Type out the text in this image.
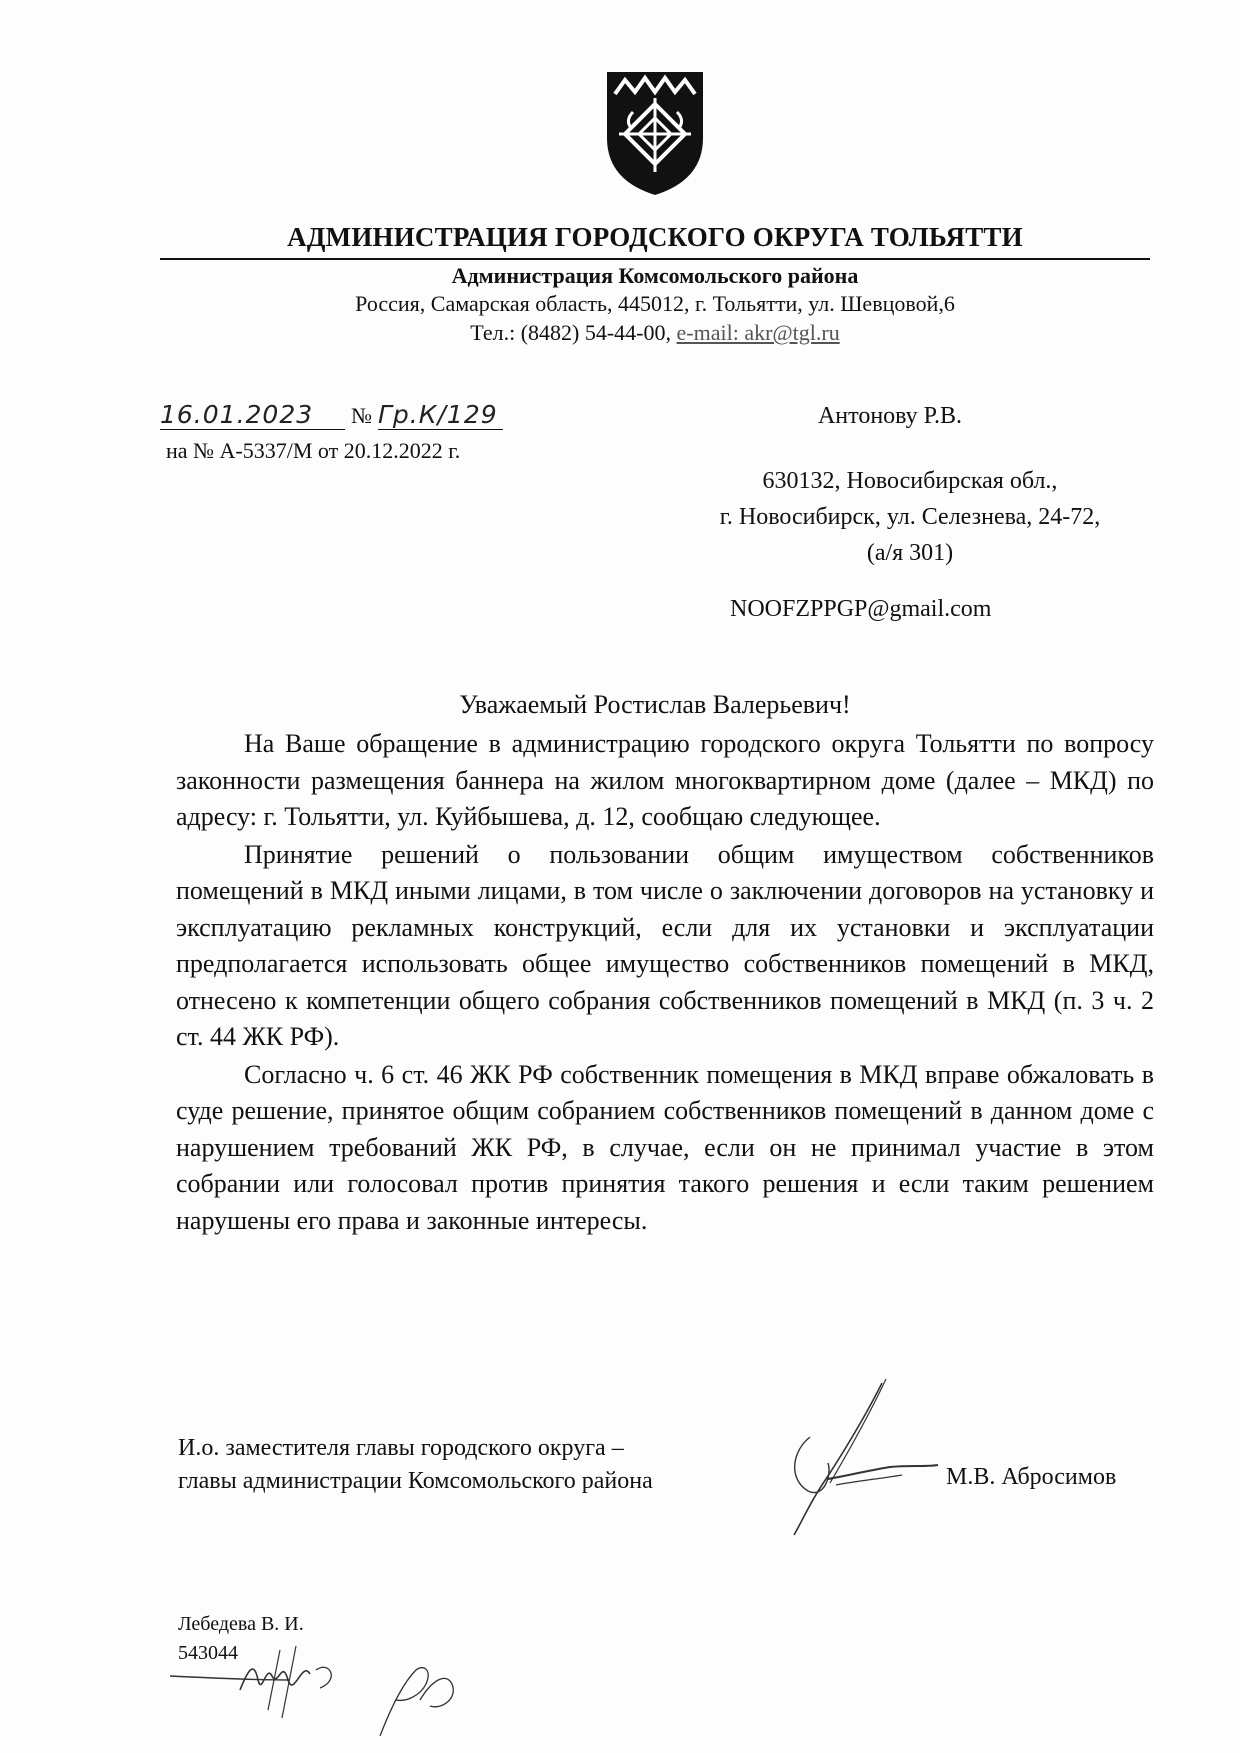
АДМИНИСТРАЦИЯ ГОРОДСКОГО ОКРУГА ТОЛЬЯТТИ
Администрация Комсомольского района
Россия, Самарская область, 445012, г. Тольятти, ул. Шевцовой,6
Тел.: (8482) 54-44-00, e-mail: akr@tgl.ru
16.01.2023 № Гр.К/129
на № А-5337/М от 20.12.2022 г.
Антонову Р.В.
630132, Новосибирская обл.,
г. Новосибирск, ул. Селезнева, 24-72,
(а/я 301)
NOOFZPPGP@gmail.com
Уважаемый Ростислав Валерьевич!

На Ваше обращение в администрацию городского округа Тольятти по вопросу законности размещения баннера на жилом многоквартирном доме (далее – МКД) по адресу: г. Тольятти, ул. Куйбышева, д. 12, сообщаю следующее.

Принятие решений о пользовании общим имуществом собственников помещений в МКД иными лицами, в том числе о заключении договоров на установку и эксплуатацию рекламных конструкций, если для их установки и эксплуатации предполагается использовать общее имущество собственников помещений в МКД, отнесено к компетенции общего собрания собственников помещений в МКД (п. 3 ч. 2 ст. 44 ЖК РФ).

Согласно ч. 6 ст. 46 ЖК РФ собственник помещения в МКД вправе обжаловать в суде решение, принятое общим собранием собственников помещений в данном доме с нарушением требований ЖК РФ, в случае, если он не принимал участие в этом собрании или голосовал против принятия такого решения и если таким решением нарушены его права и законные интересы.

И.о. заместителя главы городского округа –
главы администрации Комсомольского района	М.В. Абросимов
Лебедева В. И.
543044
